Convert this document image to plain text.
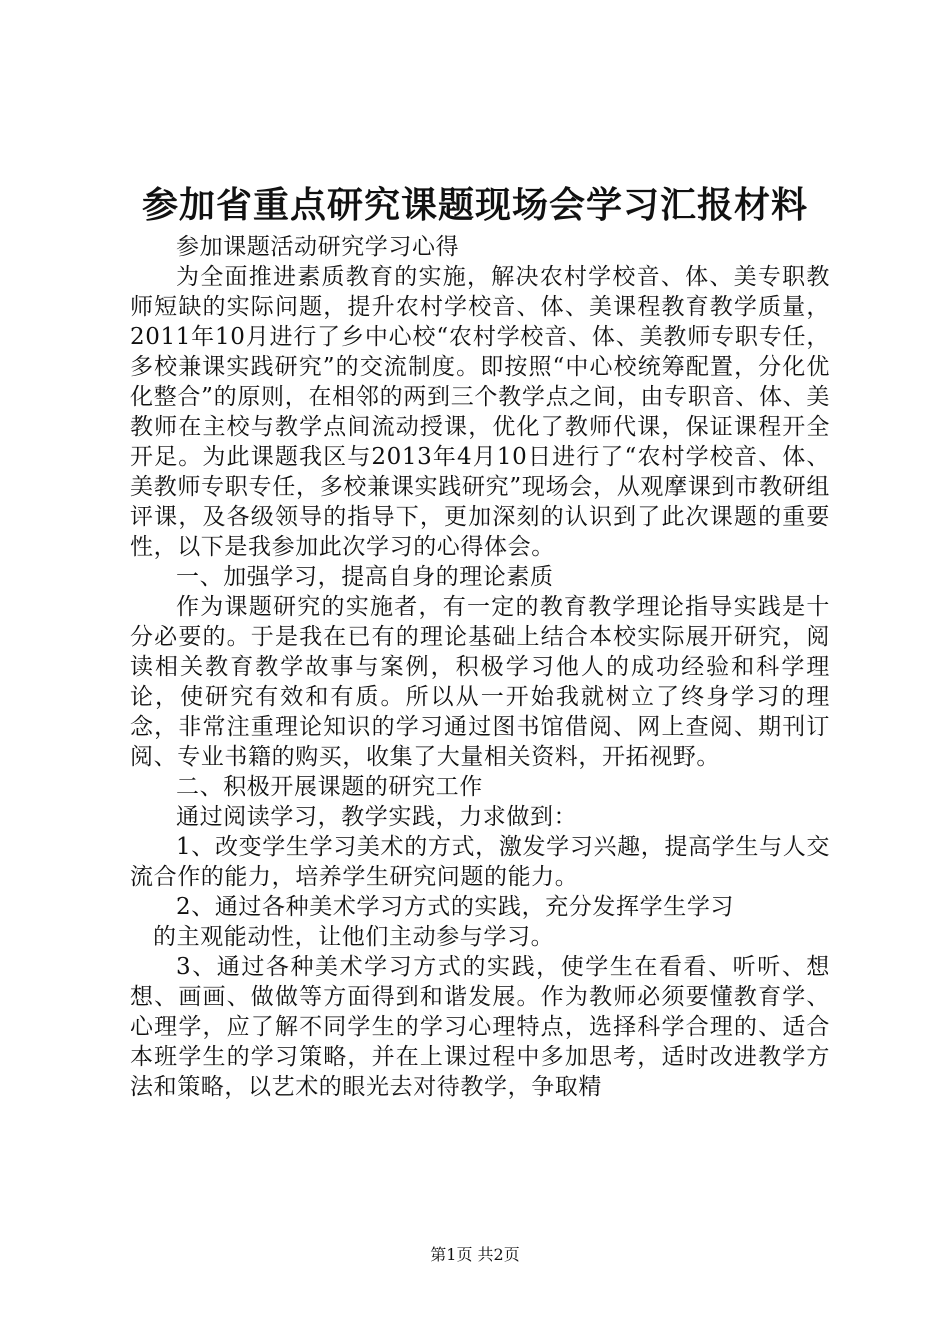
参加省重点研究课题现场会学习汇报材料

参加课题活动研究学习心得

为全面推进素质教育的实施，解决农村学校音、体、美专职教师短缺的实际问题，提升农村学校音、体、美课程教育教学质量，2011年10月进行了乡中心校“农村学校音、体、美教师专职专任，多校兼课实践研究”的交流制度。即按照“中心校统筹配置，分化优化整合”的原则，在相邻的两到三个教学点之间，由专职音、体、美教师在主校与教学点间流动授课，优化了教师代课，保证课程开全开足。为此课题我区与2013年4月10日进行了“农村学校音、体、美教师专职专任，多校兼课实践研究”现场会，从观摩课到市教研组评课，及各级领导的指导下，更加深刻的认识到了此次课题的重要性，以下是我参加此次学习的心得体会。

一、加强学习，提高自身的理论素质

作为课题研究的实施者，有一定的教育教学理论指导实践是十分必要的。于是我在已有的理论基础上结合本校实际展开研究，阅读相关教育教学故事与案例，积极学习他人的成功经验和科学理论，使研究有效和有质。所以从一开始我就树立了终身学习的理念，非常注重理论知识的学习通过图书馆借阅、网上查阅、期刊订阅、专业书籍的购买，收集了大量相关资料，开拓视野。

二、积极开展课题的研究工作

通过阅读学习，教学实践，力求做到：

1、改变学生学习美术的方式，激发学习兴趣，提高学生与人交流合作的能力，培养学生研究问题的能力。

2、通过各种美术学习方式的实践，充分发挥学生学习

的主观能动性，让他们主动参与学习。

3、通过各种美术学习方式的实践，使学生在看看、听听、想想、画画、做做等方面得到和谐发展。作为教师必须要懂教育学、心理学，应了解不同学生的学习心理特点，选择科学合理的、适合本班学生的学习策略，并在上课过程中多加思考，适时改进教学方法和策略，以艺术的眼光去对待教学，争取精

第1页 共2页
